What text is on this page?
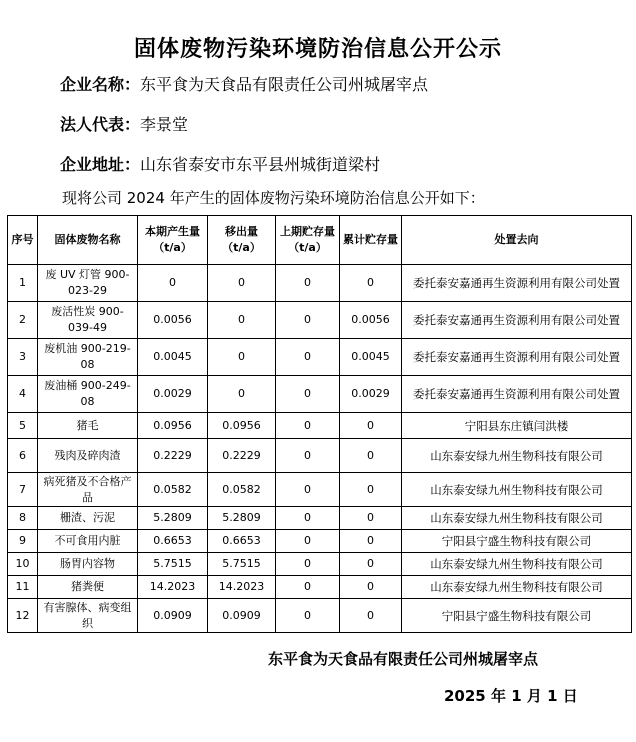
固体废物污染环境防治信息公开公示
企业名称：东平食为天食品有限责任公司州城屠宰点
法人代表：李景堂
企业地址：山东省泰安市东平县州城街道梁村
现将公司 2024 年产生的固体废物污染环境防治信息公开如下：
序号	固体废物名称	本期产生量（t/a）	移出量（t/a）	上期贮存量（t/a）	累计贮存量	处置去向
1	废 UV 灯管 900-023-29	0	0	0	0	委托泰安嘉通再生资源利用有限公司处置
2	废活性炭 900-039-49	0.0056	0	0	0.0056	委托泰安嘉通再生资源利用有限公司处置
3	废机油 900-219-08	0.0045	0	0	0.0045	委托泰安嘉通再生资源利用有限公司处置
4	废油桶 900-249-08	0.0029	0	0	0.0029	委托泰安嘉通再生资源利用有限公司处置
5	猪毛	0.0956	0.0956	0	0	宁阳县东庄镇闫洪楼
6	残肉及碎肉渣	0.2229	0.2229	0	0	山东泰安绿九州生物科技有限公司
7	病死猪及不合格产品	0.0582	0.0582	0	0	山东泰安绿九州生物科技有限公司
8	栅渣、污泥	5.2809	5.2809	0	0	山东泰安绿九州生物科技有限公司
9	不可食用内脏	0.6653	0.6653	0	0	宁阳县宁盛生物科技有限公司
10	肠胃内容物	5.7515	5.7515	0	0	山东泰安绿九州生物科技有限公司
11	猪粪便	14.2023	14.2023	0	0	山东泰安绿九州生物科技有限公司
12	有害腺体、病变组织	0.0909	0.0909	0	0	宁阳县宁盛生物科技有限公司
东平食为天食品有限责任公司州城屠宰点
2025 年 1 月 1 日
